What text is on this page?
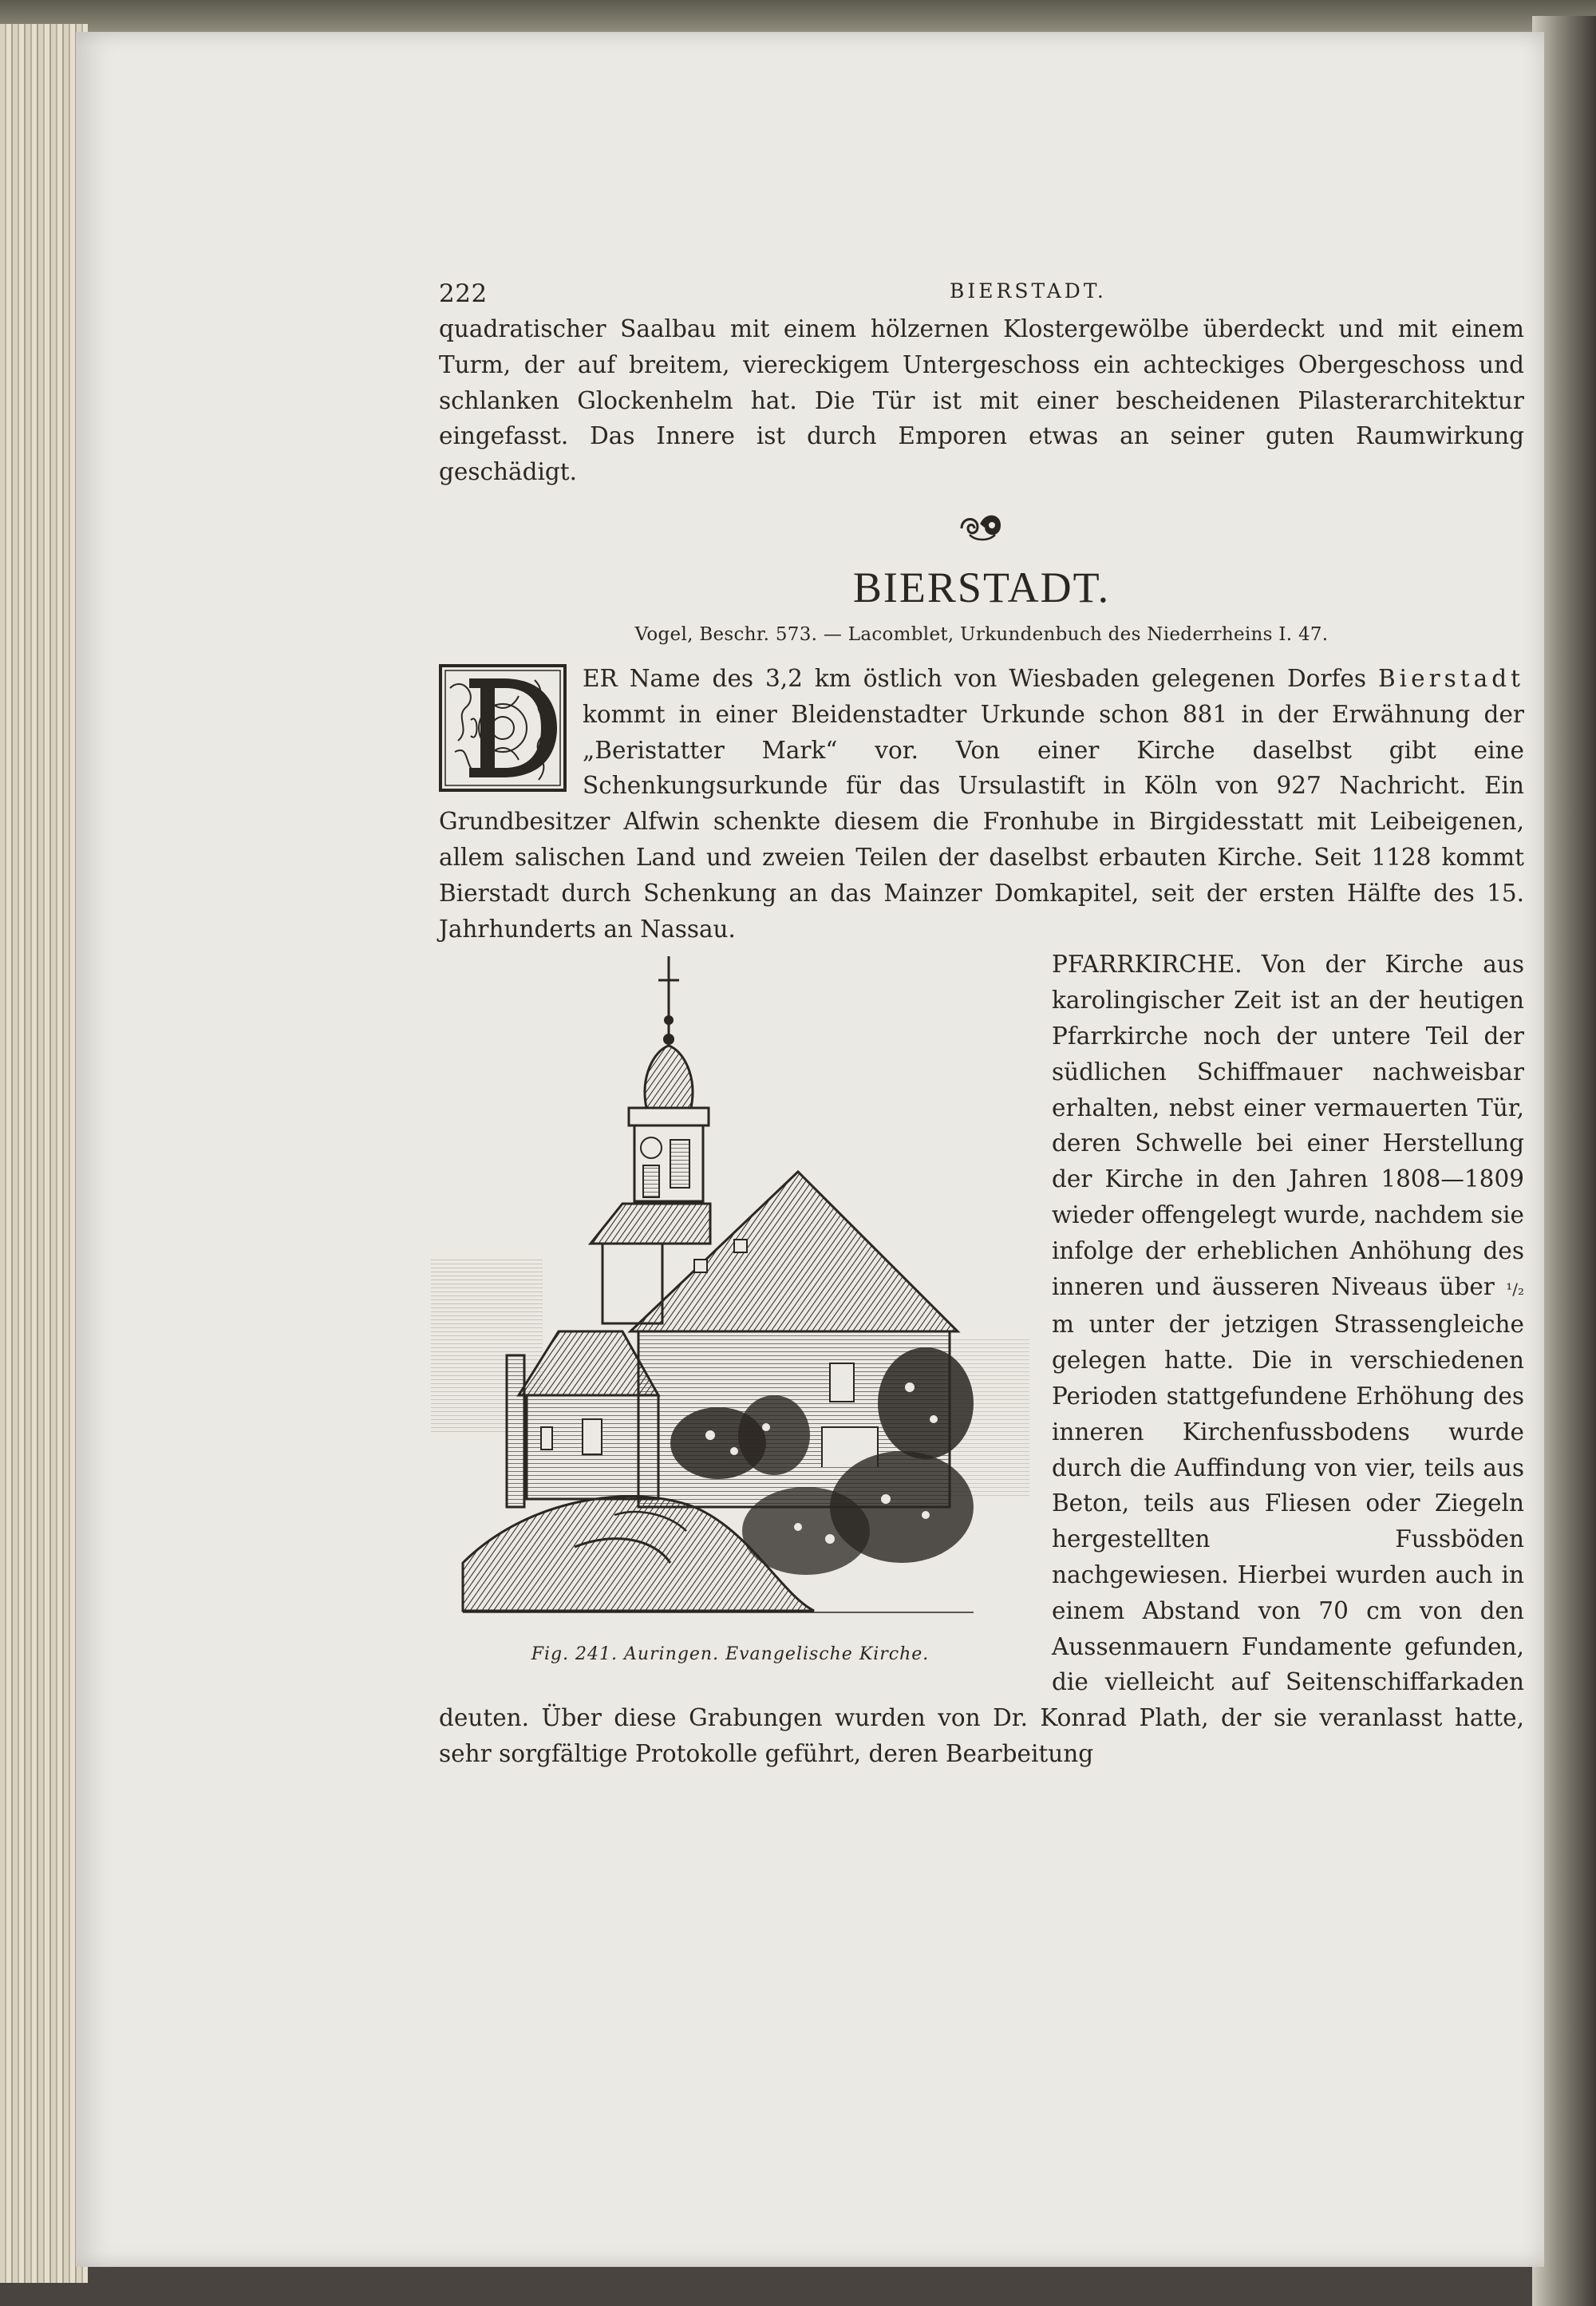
222	BIERSTADT.

quadratischer Saalbau mit einem hölzernen Klostergewölbe überdeckt und mit einem Turm, der auf breitem, viereckigem Untergeschoss ein achteckiges Obergeschoss und schlanken Glockenhelm hat. Die Tür ist mit einer bescheidenen Pilasterarchitektur eingefasst. Das Innere ist durch Emporen etwas an seiner guten Raumwirkung geschädigt.

BIERSTADT.
Vogel, Beschr. 573. — Lacomblet, Urkundenbuch des Niederrheins I. 47.

ER Name des 3,2 km östlich von Wiesbaden gelegenen Dorfes Bierstadt kommt in einer Bleidenstadter Urkunde schon 881 in der Erwähnung der „Beristatter Mark“ vor. Von einer Kirche daselbst gibt eine Schenkungsurkunde für das Ursulastift in Köln von 927 Nachricht. Ein Grundbesitzer Alfwin schenkte diesem die Fronhube in Birgidesstatt mit Leibeigenen, allem salischen Land und zweien Teilen der daselbst erbauten Kirche. Seit 1128 kommt Bierstadt durch Schenkung an das Mainzer Domkapitel, seit der ersten Hälfte des 15. Jahrhunderts an Nassau.

Fig. 241. Auringen. Evangelische Kirche.

PFARRKIRCHE. Von der Kirche aus karolingischer Zeit ist an der heutigen Pfarrkirche noch der untere Teil der südlichen Schiffmauer nachweisbar erhalten, nebst einer vermauerten Tür, deren Schwelle bei einer Herstellung der Kirche in den Jahren 1808—1809 wieder offengelegt wurde, nachdem sie infolge der erheblichen Anhöhung des inneren und äusseren Niveaus über ¹/₂ m unter der jetzigen Strassengleiche gelegen hatte. Die in verschiedenen Perioden stattgefundene Erhöhung des inneren Kirchenfussbodens wurde durch die Auffindung von vier, teils aus Beton, teils aus Fliesen oder Ziegeln hergestellten Fussböden nachgewiesen. Hierbei wurden auch in einem Abstand von 70 cm von den Aussenmauern Fundamente gefunden, die vielleicht auf Seitenschiffarkaden deuten. Über diese Grabungen wurden von Dr. Konrad Plath, der sie veranlasst hatte, sehr sorgfältige Protokolle geführt, deren Bearbeitung
